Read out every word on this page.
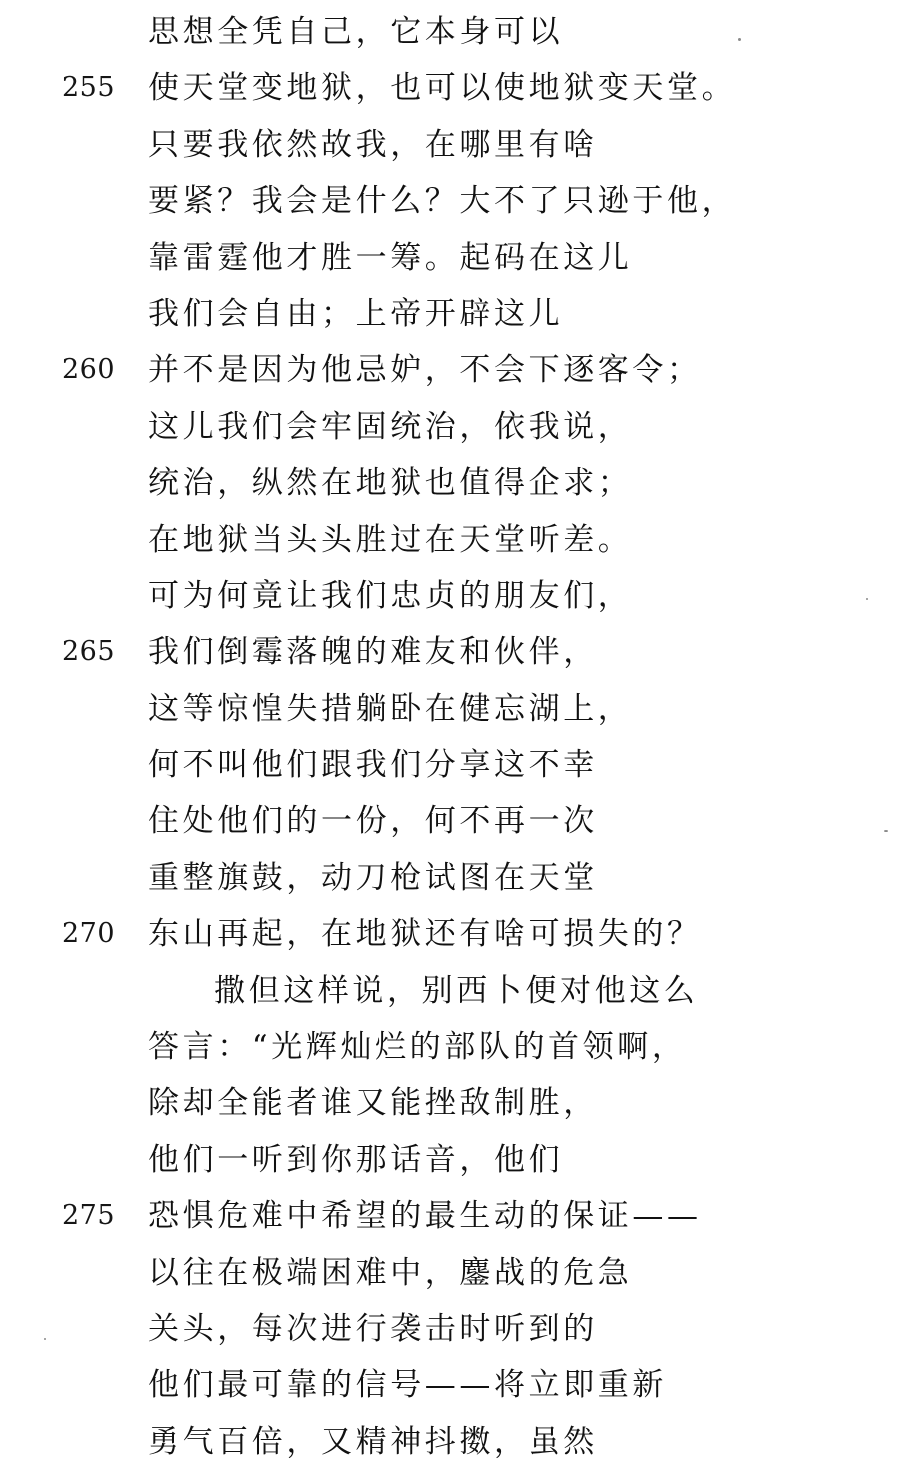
思想全凭自己，它本身可以
255	使天堂变地狱，也可以使地狱变天堂。
只要我依然故我，在哪里有啥
要紧？我会是什么？大不了只逊于他，
靠雷霆他才胜一筹。起码在这儿
我们会自由；上帝开辟这儿
260	并不是因为他忌妒，不会下逐客令；
这儿我们会牢固统治，依我说，
统治，纵然在地狱也值得企求；
在地狱当头头胜过在天堂听差。
可为何竟让我们忠贞的朋友们，
265	我们倒霉落魄的难友和伙伴，
这等惊惶失措躺卧在健忘湖上，
何不叫他们跟我们分享这不幸
住处他们的一份，何不再一次
重整旗鼓，动刀枪试图在天堂
270	东山再起，在地狱还有啥可损失的？
撒但这样说，别西卜便对他这么
答言：“光辉灿烂的部队的首领啊，
除却全能者谁又能挫敌制胜，
他们一听到你那话音，他们
275	恐惧危难中希望的最生动的保证——
以往在极端困难中，鏖战的危急
关头，每次进行袭击时听到的
他们最可靠的信号——将立即重新
勇气百倍，又精神抖擞，虽然
